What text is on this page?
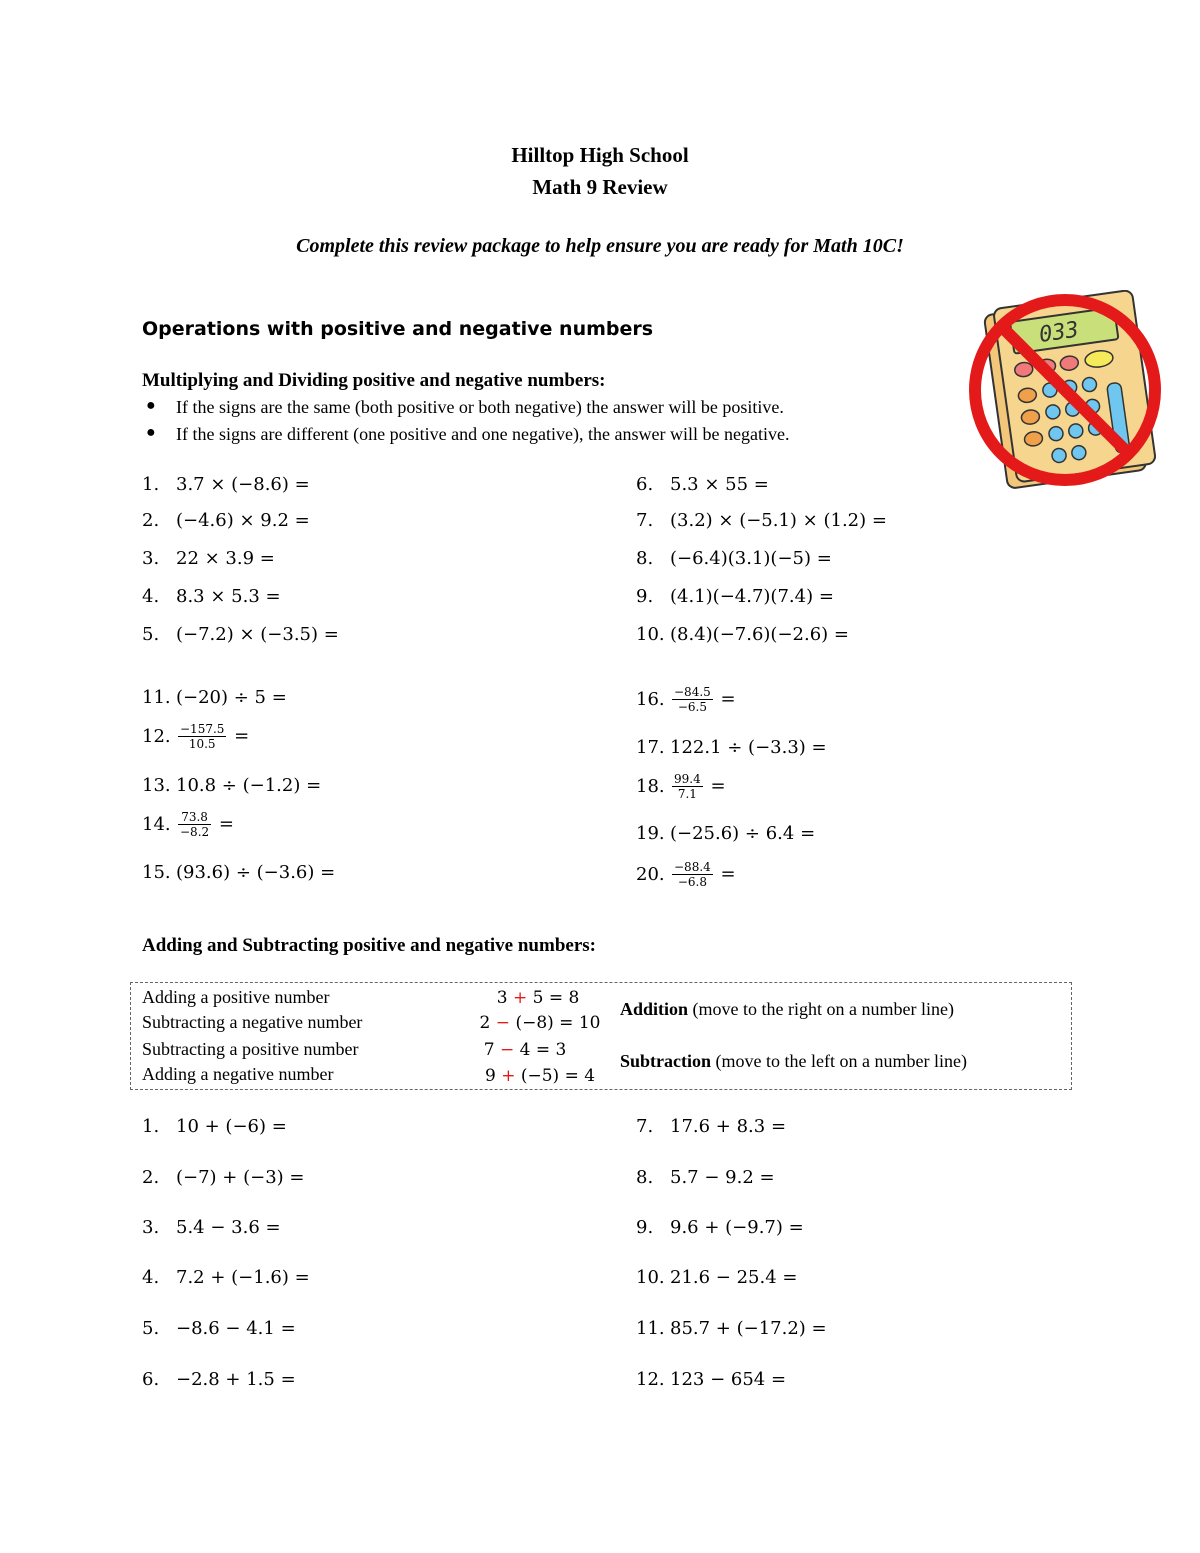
Hilltop High School
Math 9 Review
Complete this review package to help ensure you are ready for Math 10C!
Operations with positive and negative numbers
Multiplying and Dividing positive and negative numbers:
● If the signs are the same (both positive or both negative) the answer will be positive.
● If the signs are different (one positive and one negative), the answer will be negative.
033
1. 3.7 × (−8.6) =
2. (−4.6) × 9.2 =
3. 22 × 3.9 =
4. 8.3 × 5.3 =
5. (−7.2) × (−3.5) =
6. 5.3 × 55 =
7. (3.2) × (−5.1) × (1.2) =
8. (−6.4)(3.1)(−5) =
9. (4.1)(−4.7)(7.4) =
10. (8.4)(−7.6)(−2.6) =
11. (−20) ÷ 5 =
12. $\frac{-157.5}{10.5}$ =
13. 10.8 ÷ (−1.2) =
14. $\frac{73.8}{-8.2}$ =
15. (93.6) ÷ (−3.6) =
16. $\frac{-84.5}{-6.5}$ =
17. 122.1 ÷ (−3.3) =
18. $\frac{99.4}{7.1}$ =
19. (−25.6) ÷ 6.4 =
20. $\frac{-88.4}{-6.8}$ =
Adding and Subtracting positive and negative numbers:
Adding a positive number
Subtracting a negative number
Subtracting a positive number
Adding a negative number
3 + 5 = 8
2 − (−8) = 10
7 − 4 = 3
9 + (−5) = 4
Addition (move to the right on a number line)
Subtraction (move to the left on a number line)
1. 10 + (−6) =
2. (−7) + (−3) =
3. 5.4 − 3.6 =
4. 7.2 + (−1.6) =
5. −8.6 − 4.1 =
6. −2.8 + 1.5 =
7. 17.6 + 8.3 =
8. 5.7 − 9.2 =
9. 9.6 + (−9.7) =
10. 21.6 − 25.4 =
11. 85.7 + (−17.2) =
12. 123 − 654 =
